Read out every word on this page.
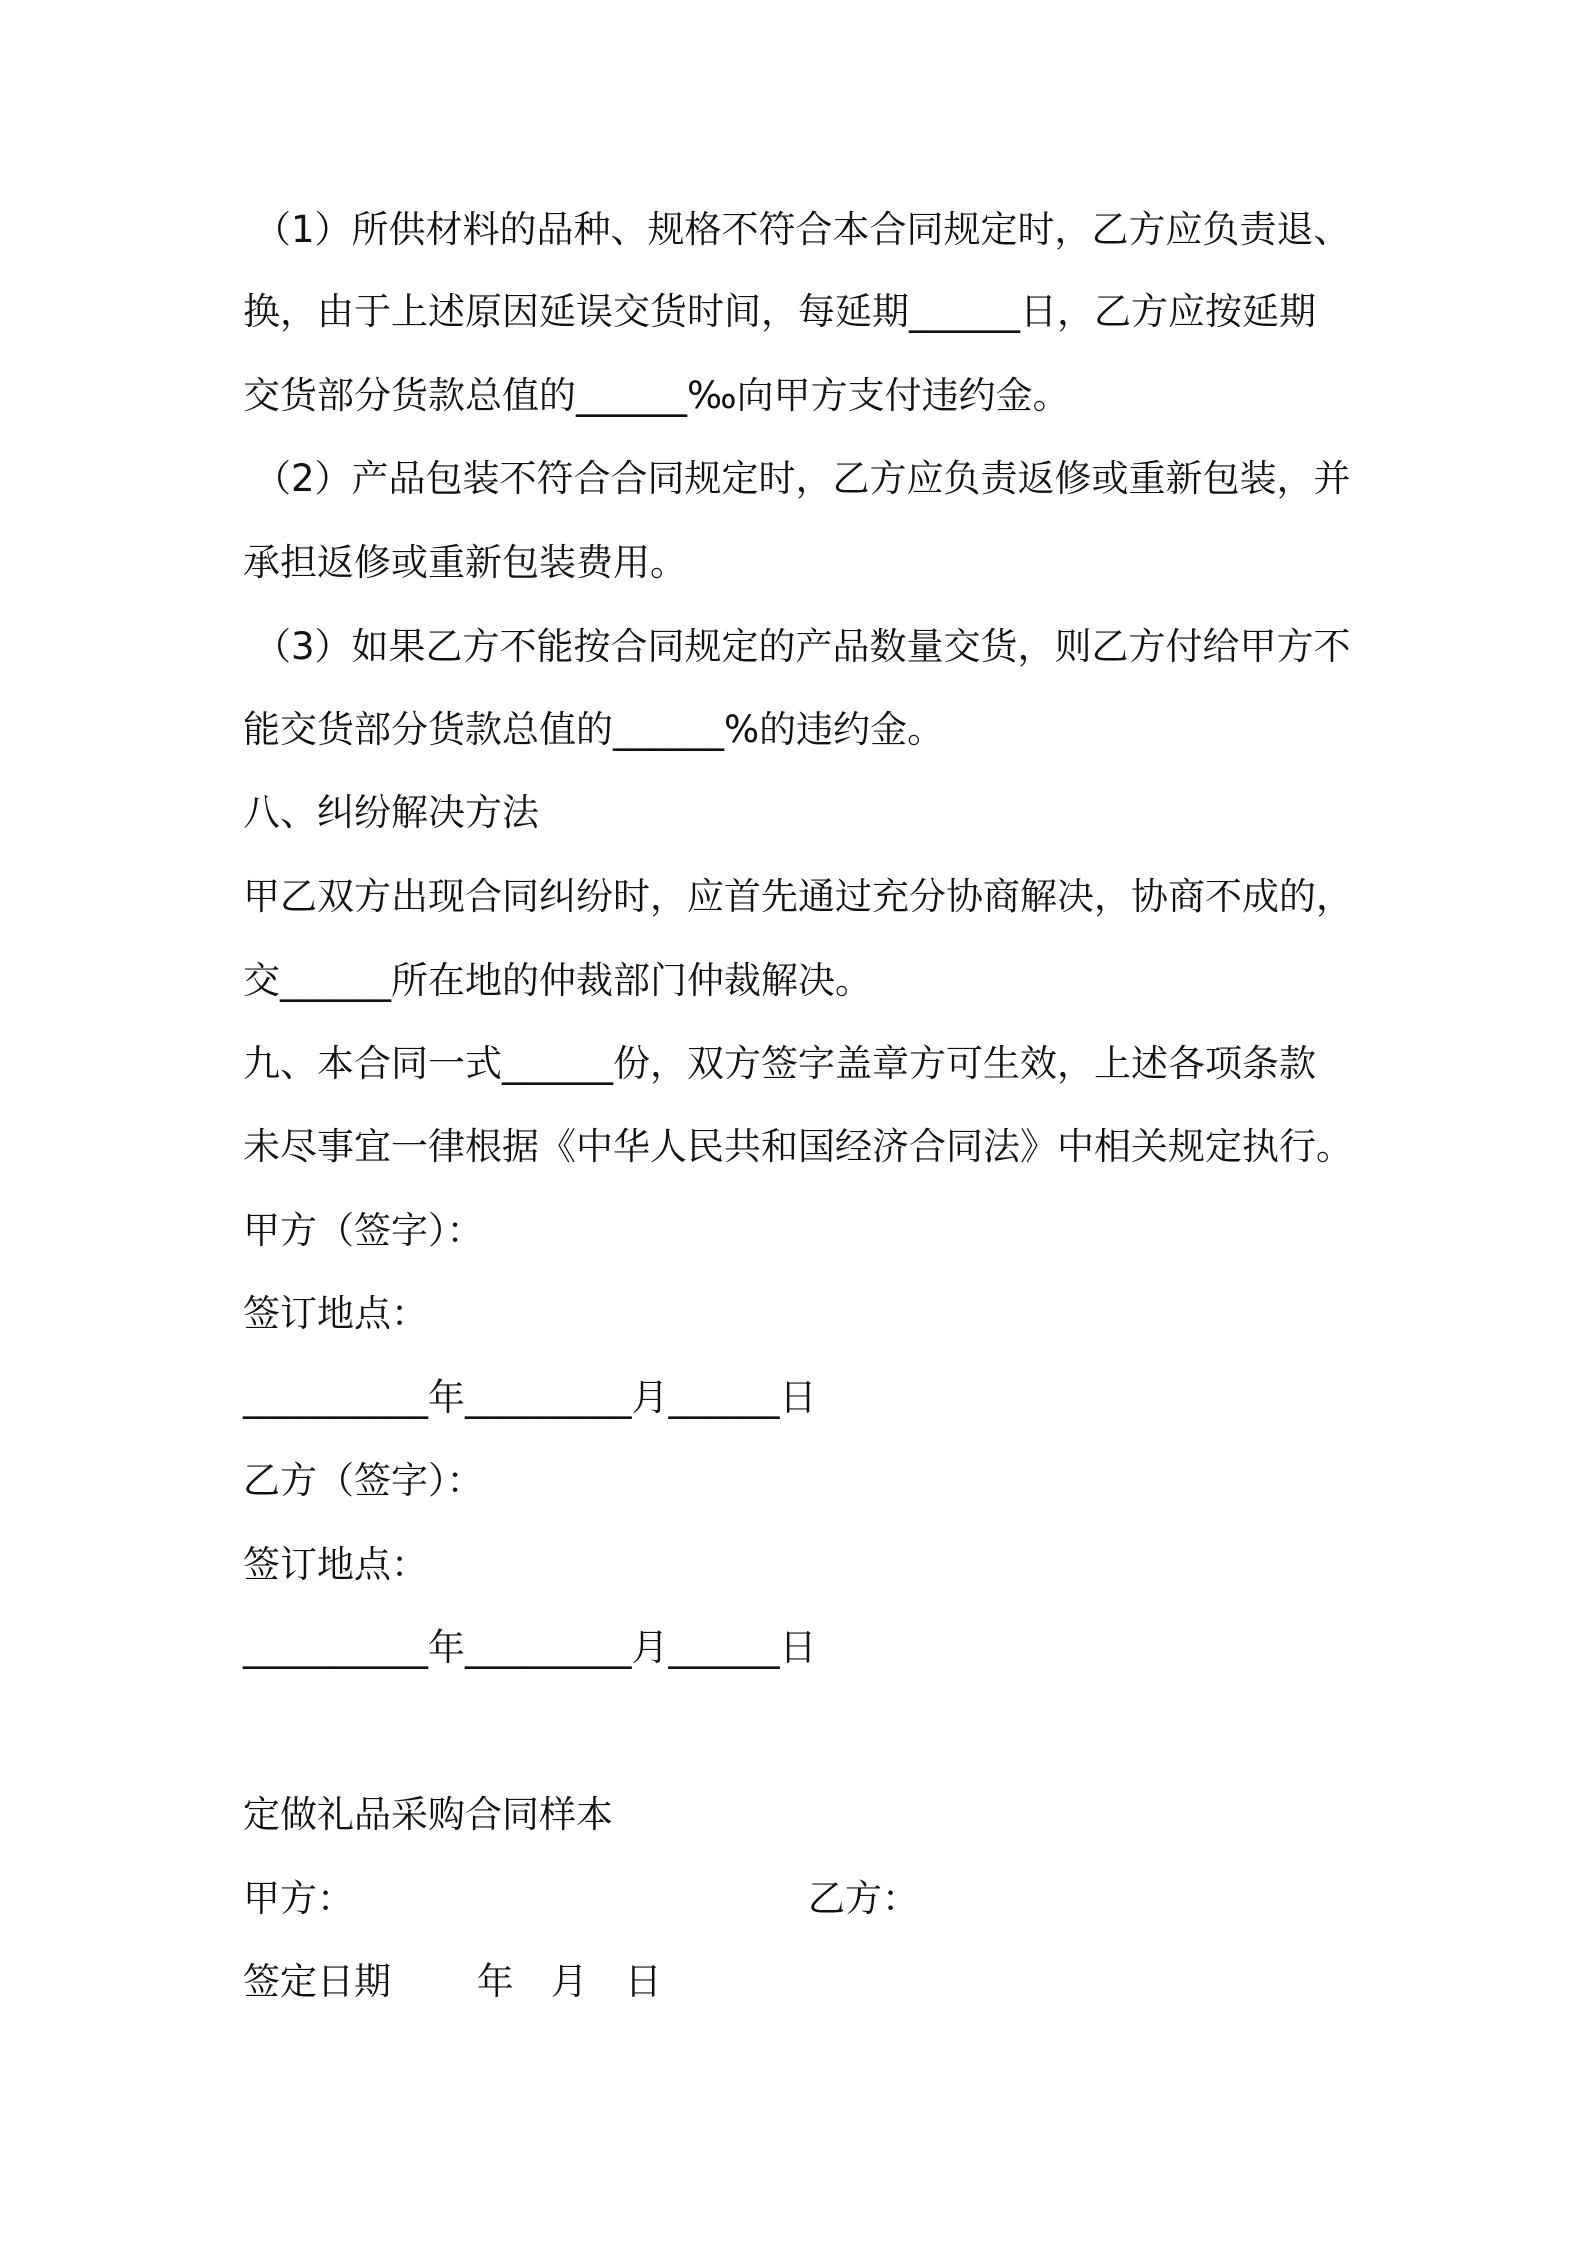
（1）所供材料的品种、规格不符合本合同规定时，乙方应负责退、
换，由于上述原因延误交货时间，每延期______日，乙方应按延期
交货部分货款总值的______‰向甲方支付违约金。
（2）产品包装不符合合同规定时，乙方应负责返修或重新包装，并
承担返修或重新包装费用。
（3）如果乙方不能按合同规定的产品数量交货，则乙方付给甲方不
能交货部分货款总值的______%的违约金。
八、纠纷解决方法
甲乙双方出现合同纠纷时，应首先通过充分协商解决，协商不成的，
交______所在地的仲裁部门仲裁解决。
九、本合同一式______份，双方签字盖章方可生效，上述各项条款
未尽事宜一律根据《中华人民共和国经济合同法》中相关规定执行。
甲方（签字）：
签订地点：
__________年_________月______日
乙方（签字）：
签订地点：
__________年_________月______日
定做礼品采购合同样本
甲方：	乙方：
签定日期　　 年　月　日
